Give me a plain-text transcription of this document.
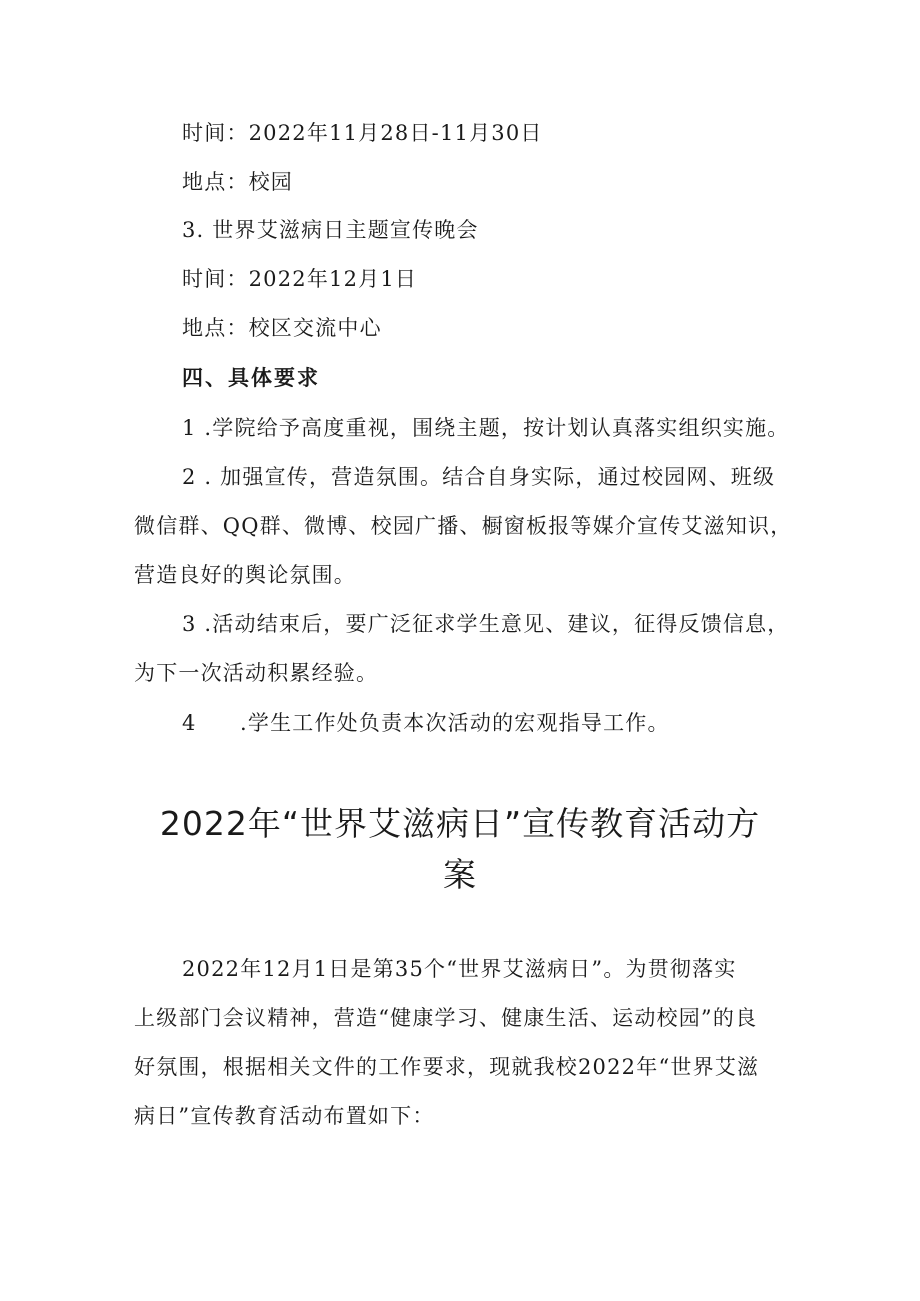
时间：2022年11月28日-11月30日
地点：校园
3. 世界艾滋病日主题宣传晚会
时间：2022年12月1日
地点：校区交流中心
四、具体要求
1 .学院给予高度重视，围绕主题，按计划认真落实组织实施。
2 . 加强宣传，营造氛围。结合自身实际，通过校园网、班级
微信群、QQ群、微博、校园广播、橱窗板报等媒介宣传艾滋知识，
营造良好的舆论氛围。
3 .活动结束后，要广泛征求学生意见、建议，征得反馈信息，
为下一次活动积累经验。
4 .学生工作处负责本次活动的宏观指导工作。
2022年“世界艾滋病日”宣传教育活动方
案
2022年12月1日是第35个“世界艾滋病日”。为贯彻落实
上级部门会议精神，营造“健康学习、健康生活、运动校园”的良
好氛围，根据相关文件的工作要求，现就我校2022年“世界艾滋
病日”宣传教育活动布置如下：
